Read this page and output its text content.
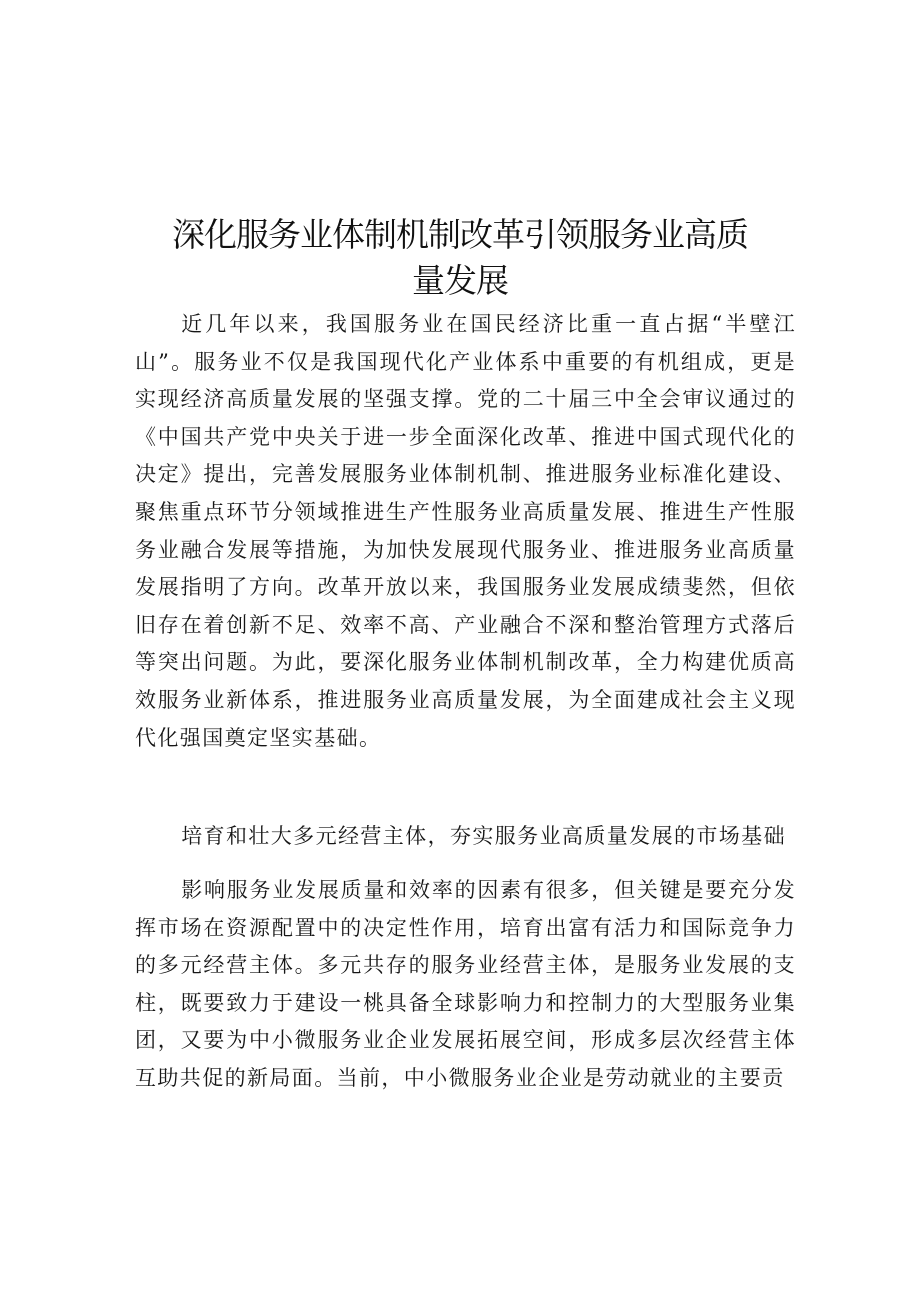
深化服务业体制机制改革引领服务业高质量发展

近几年以来，我国服务业在国民经济比重一直占据“半壁江山”。服务业不仅是我国现代化产业体系中重要的有机组成，更是实现经济高质量发展的坚强支撑。党的二十届三中全会审议通过的《中国共产党中央关于进一步全面深化改革、推进中国式现代化的决定》提出，完善发展服务业体制机制、推进服务业标准化建设、聚焦重点环节分领域推进生产性服务业高质量发展、推进生产性服务业融合发展等措施，为加快发展现代服务业、推进服务业高质量发展指明了方向。改革开放以来，我国服务业发展成绩斐然，但依旧存在着创新不足、效率不高、产业融合不深和整治管理方式落后等突出问题。为此，要深化服务业体制机制改革，全力构建优质高效服务业新体系，推进服务业高质量发展，为全面建成社会主义现代化强国奠定坚实基础。

培育和壮大多元经营主体，夯实服务业高质量发展的市场基础

影响服务业发展质量和效率的因素有很多，但关键是要充分发挥市场在资源配置中的决定性作用，培育出富有活力和国际竞争力的多元经营主体。多元共存的服务业经营主体，是服务业发展的支柱，既要致力于建设一桃具备全球影响力和控制力的大型服务业集团，又要为中小微服务业企业发展拓展空间，形成多层次经营主体互助共促的新局面。当前，中小微服务业企业是劳动就业的主要贡
